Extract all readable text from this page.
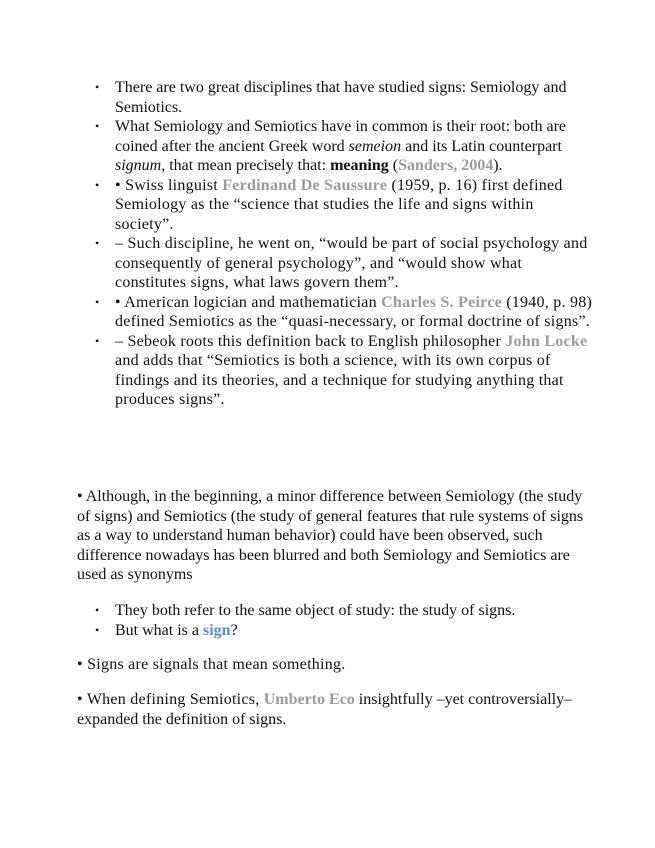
• There are two great disciplines that have studied signs: Semiology and Semiotics.
• What Semiology and Semiotics have in common is their root: both are coined after the ancient Greek word semeion and its Latin counterpart signum, that mean precisely that: meaning (Sanders, 2004).
• • Swiss linguist Ferdinand De Saussure (1959, p. 16) first defined Semiology as the “science that studies the life and signs within society”.
• – Such discipline, he went on, “would be part of social psychology and consequently of general psychology”, and “would show what constitutes signs, what laws govern them”.
• • American logician and mathematician Charles S. Peirce (1940, p. 98) defined Semiotics as the “quasi-necessary, or formal doctrine of signs”.
• – Sebeok roots this definition back to English philosopher John Locke and adds that “Semiotics is both a science, with its own corpus of findings and its theories, and a technique for studying anything that produces signs”.

• Although, in the beginning, a minor difference between Semiology (the study of signs) and Semiotics (the study of general features that rule systems of signs as a way to understand human behavior) could have been observed, such difference nowadays has been blurred and both Semiology and Semiotics are used as synonyms

• They both refer to the same object of study: the study of signs.
• But what is a sign?

• Signs are signals that mean something.

• When defining Semiotics, Umberto Eco insightfully –yet controversially– expanded the definition of signs.
